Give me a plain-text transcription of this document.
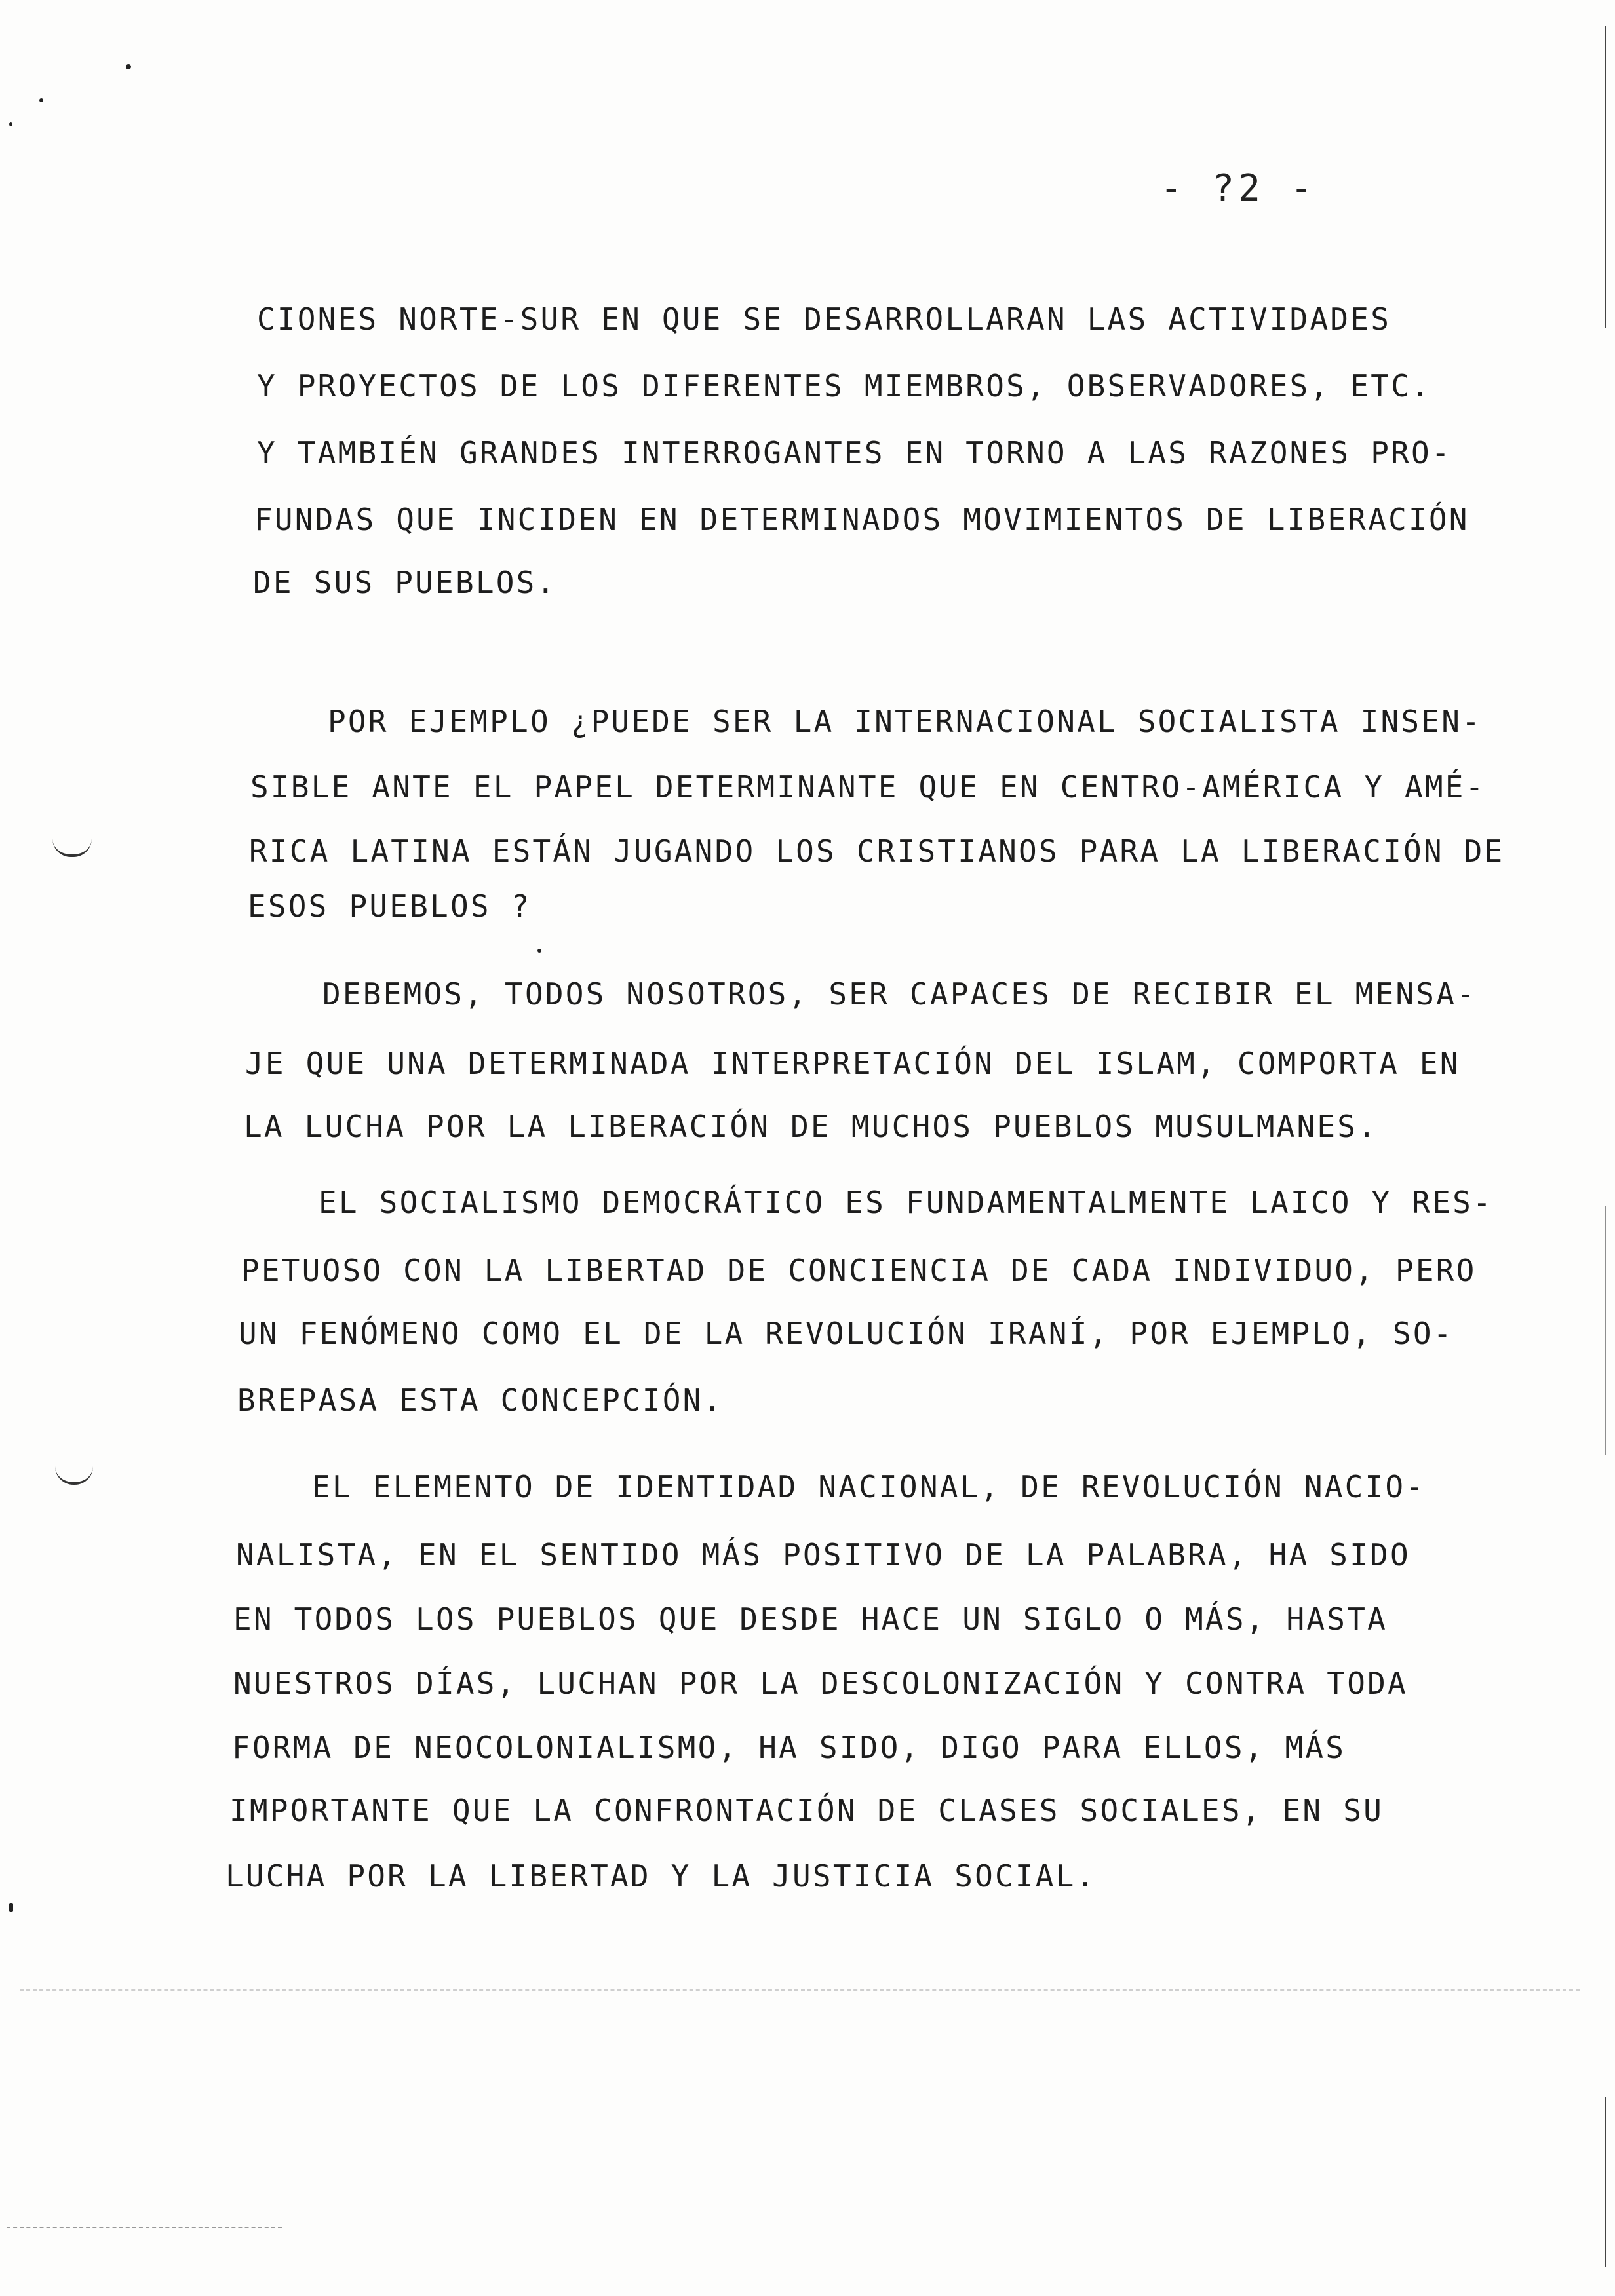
- ?2 -
CIONES NORTE-SUR EN QUE SE DESARROLLARAN LAS ACTIVIDADES
Y PROYECTOS DE LOS DIFERENTES MIEMBROS, OBSERVADORES, ETC.
Y TAMBIÉN GRANDES INTERROGANTES EN TORNO A LAS RAZONES PRO-
FUNDAS QUE INCIDEN EN DETERMINADOS MOVIMIENTOS DE LIBERACIÓN
DE SUS PUEBLOS.
POR EJEMPLO ¿PUEDE SER LA INTERNACIONAL SOCIALISTA INSEN-
SIBLE ANTE EL PAPEL DETERMINANTE QUE EN CENTRO-AMÉRICA Y AMÉ-
RICA LATINA ESTÁN JUGANDO LOS CRISTIANOS PARA LA LIBERACIÓN DE
ESOS PUEBLOS ?
DEBEMOS, TODOS NOSOTROS, SER CAPACES DE RECIBIR EL MENSA-
JE QUE UNA DETERMINADA INTERPRETACIÓN DEL ISLAM, COMPORTA EN
LA LUCHA POR LA LIBERACIÓN DE MUCHOS PUEBLOS MUSULMANES.
EL SOCIALISMO DEMOCRÁTICO ES FUNDAMENTALMENTE LAICO Y RES-
PETUOSO CON LA LIBERTAD DE CONCIENCIA DE CADA INDIVIDUO, PERO
UN FENÓMENO COMO EL DE LA REVOLUCIÓN IRANÍ, POR EJEMPLO, SO-
BREPASA ESTA CONCEPCIÓN.
EL ELEMENTO DE IDENTIDAD NACIONAL, DE REVOLUCIÓN NACIO-
NALISTA, EN EL SENTIDO MÁS POSITIVO DE LA PALABRA, HA SIDO
EN TODOS LOS PUEBLOS QUE DESDE HACE UN SIGLO O MÁS, HASTA
NUESTROS DÍAS, LUCHAN POR LA DESCOLONIZACIÓN Y CONTRA TODA
FORMA DE NEOCOLONIALISMO, HA SIDO, DIGO PARA ELLOS, MÁS
IMPORTANTE QUE LA CONFRONTACIÓN DE CLASES SOCIALES, EN SU
LUCHA POR LA LIBERTAD Y LA JUSTICIA SOCIAL.
